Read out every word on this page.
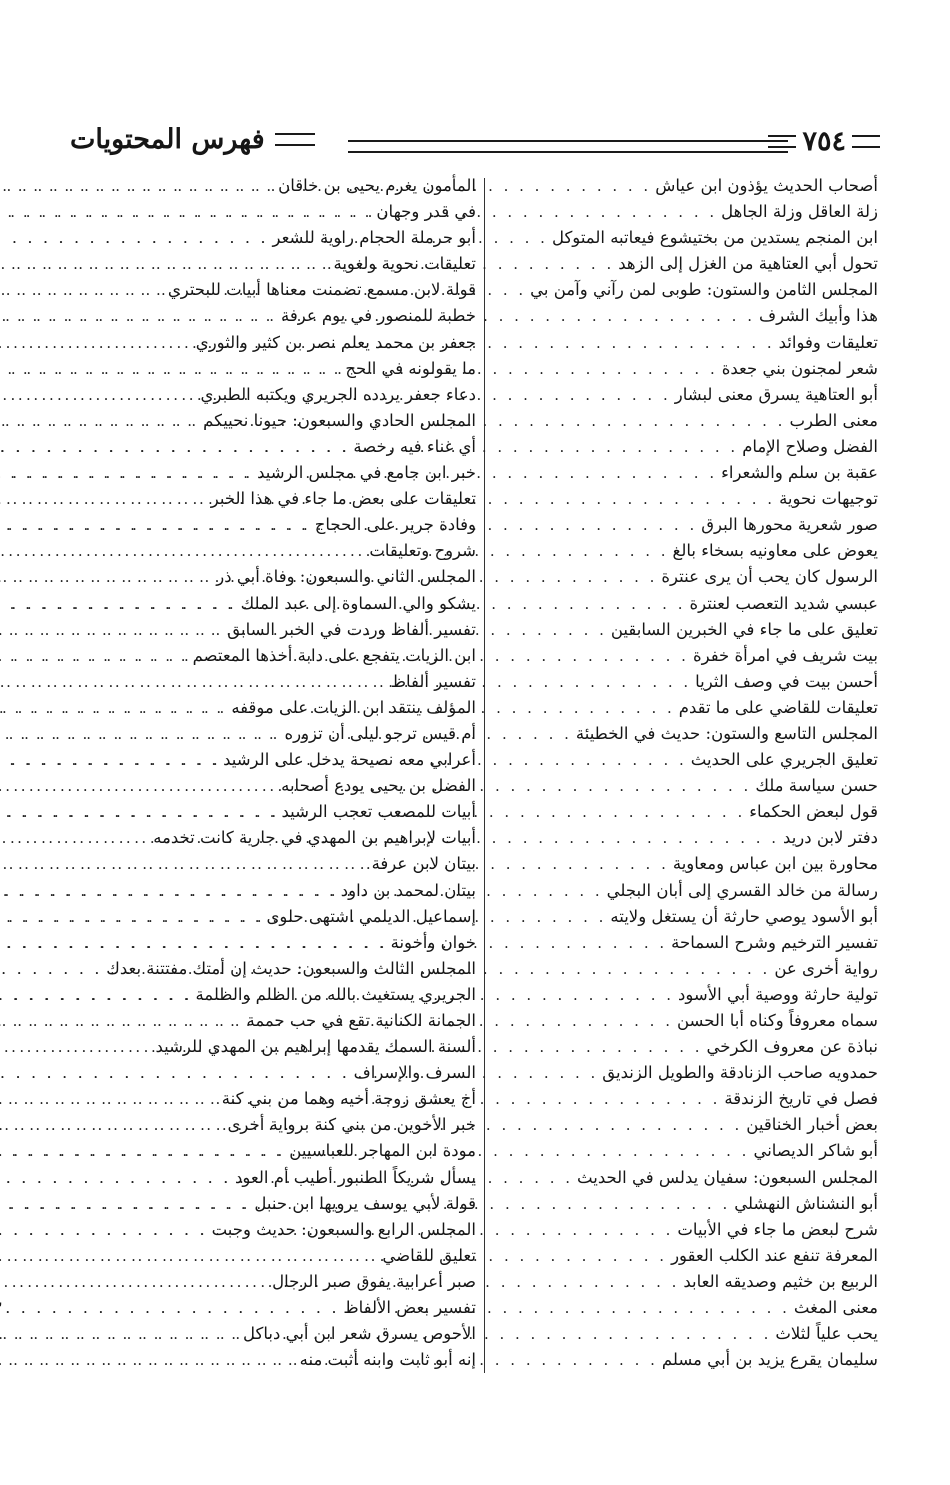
٧٥٤
فهرس المحتويات
أصحاب الحديث يؤذون ابن عياش
. . .
زلة العاقل وزلة الجاهل
. . .
ابن المنجم يستدين من بختيشوع فيعاتبه المتوكل
. . .
تحول أبي العتاهية من الغزل إلى الزهد
. . .
المجلس الثامن والستون: طوبى لمن رآني وآمن بي
. . .
هذا وأبيك الشرف
. . .
تعليقات وفوائد
. . .
شعر لمجنون بني جعدة
. . .
أبو العتاهية يسرق معنى لبشار
. . .
معنى الطرب
. . .
الفضل وصلاح الإمام
. . .
عقبة بن سلم والشعراء
. . .
توجيهات نحوية
. . .
صور شعرية محورها البرق
. . .
يعوض على معاونيه بسخاء بالغ
. . .
الرسول كان يحب أن يرى عنترة
. . .
عبسي شديد التعصب لعنترة
. . .
تعليق على ما جاء في الخبرين السابقين
. . .
بيت شريف في امرأة خفرة
. . .
أحسن بيت في وصف الثريا
. . .
تعليقات للقاضي على ما تقدم
. . .
المجلس التاسع والستون: حديث في الخطيئة
. . .
تعليق الجريري على الحديث
. . .
حسن سياسة ملك
. . .
قول لبعض الحكماء
. . .
دفتر لابن دريد
. . .
محاورة بين ابن عباس ومعاوية
. . .
رسالة من خالد القسري إلى أبان البجلي
. . .
أبو الأسود يوصي حارثة أن يستغل ولايته
. . .
تفسير الترخيم وشرح السماحة
. . .
رواية أخرى عن
. . .
تولية حارثة ووصية أبي الأسود
. . .
سماه معروفاً وكناه أبا الحسن
. . .
نباذة عن معروف الكرخي
. . .
حمدويه صاحب الزنادقة والطويل الزنديق
. . .
فصل في تاريخ الزندقة
. . .
بعض أخبار الخناقين
. . .
أبو شاكر الديصاني
. . .
المجلس السبعون: سفيان يدلس في الحديث
. . .
أبو النشناش النهشلي
. . .
شرح لبعض ما جاء في الأبيات
. . .
المعرفة تنفع عند الكلب العقور
. . .
الربيع بن خثيم وصديقه العابد
. . .
معنى المغث
. . .
يحب علياً لثلاث
. . .
سليمان يقرع يزيد بن أبي مسلم
. . .
المأمون يغرم يحيى بن خاقان
. . .
في قدر وجهان
. . .
أبو حرملة الحجام راوية للشعر
. . .
تعليقات نحوية ولغوية
. . .
قولة لابن مسمع تضمنت معناها أبيات للبحتري
. . .
خطبة للمنصور في يوم عرفة
. . .
جعفر بن محمد يعلم نصر بن كثير والثوري
. . .
ما يقولونه في الحج
. . .
دعاء جعفر يردده الجريري ويكتبه الطبري
. . .
المجلس الحادي والسبعون: حيونا نحييكم
. . .
أي غناء فيه رخصة
. . .
خبر ابن جامع في مجلس الرشيد
. . .
تعليقات على بعض ما جاء في هذا الخبر
. . .
وفادة جرير على الحجاج
. . .
شروح وتعليقات
. . .
المجلس الثاني والسبعون: وفاة أبي ذر
. . .
يشكو والي السماوة إلى عبد الملك
. . .
تفسير ألفاظ وردت في الخبر السابق
. . .
ابن الزيات يتفجع على دابة أخذها المعتصم
. . .
تفسير ألفاظ
. . .
المؤلف ينتقد ابن الزيات على موقفه
. . .
أم قيس ترجو ليلى أن تزوره
. . .
أعرابي معه نصيحة يدخل على الرشيد
. . .
الفضل بن يحيى يودع أصحابه
. . .
أبيات للمصعب تعجب الرشيد
. . .
أبيات لإبراهيم بن المهدي في جارية كانت تخدمه
. . .
بيتان لابن عرفة
. . .
بيتان لمحمد بن داود
. . .
إسماعيل الديلمي اشتهى حلوى
. . .
خوان وأخونة
. . .
المجلس الثالث والسبعون: حديث إن أمتك مفتتنة بعدك
. . .
الجريري يستغيث بالله من الظلم والظلمة
. . .
الجمانة الكنانية تقع في حب حممة
. . .
ألسنة السمك يقدمها إبراهيم بن المهدي للرشيد
. . .
السرف والإسراف
. . .
أخ يعشق زوجة أخيه وهما من بني كنة
. . .
خبر الأخوين من بني كنة برواية أخرى
. . .
مودة ابن المهاجر للعباسيين
. . .
يسأل شريكاً الطنبور أطيب أم العود
. . .
قولة لأبي يوسف يرويها ابن حنبل
. . .
المجلس الرابع والسبعون: حديث وجبت
. . .
تعليق للقاضي
. . .
صبر أعرابية يفوق صبر الرجال
. . .
تفسير بعض الألفاظ
. . .
الأحوص يسرق شعر ابن أبي دباكل
. . .
إنه أبو ثابت وابنه أثبت منه
. . .
